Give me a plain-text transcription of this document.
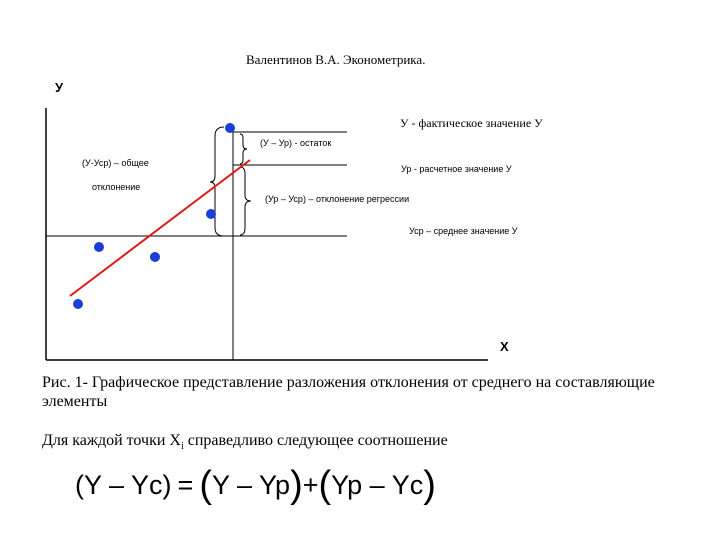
Валентинов В.А. Эконометрика.
У
Х
У - фактическое значение У
(У – Ур) - остаток
(У-Уср) – общее
отклонение
Ур - расчетное значение У
(Ур – Уср) – отклонение регрессии
Уср – среднее значение У
Рис. 1- Графическое представление разложения отклонения от среднего на составляющие элементы
Для каждой точки $X_i$ справедливо следующее соотношение
(Y – Yc) = (Y – Yp)+(Yp – Yc)
